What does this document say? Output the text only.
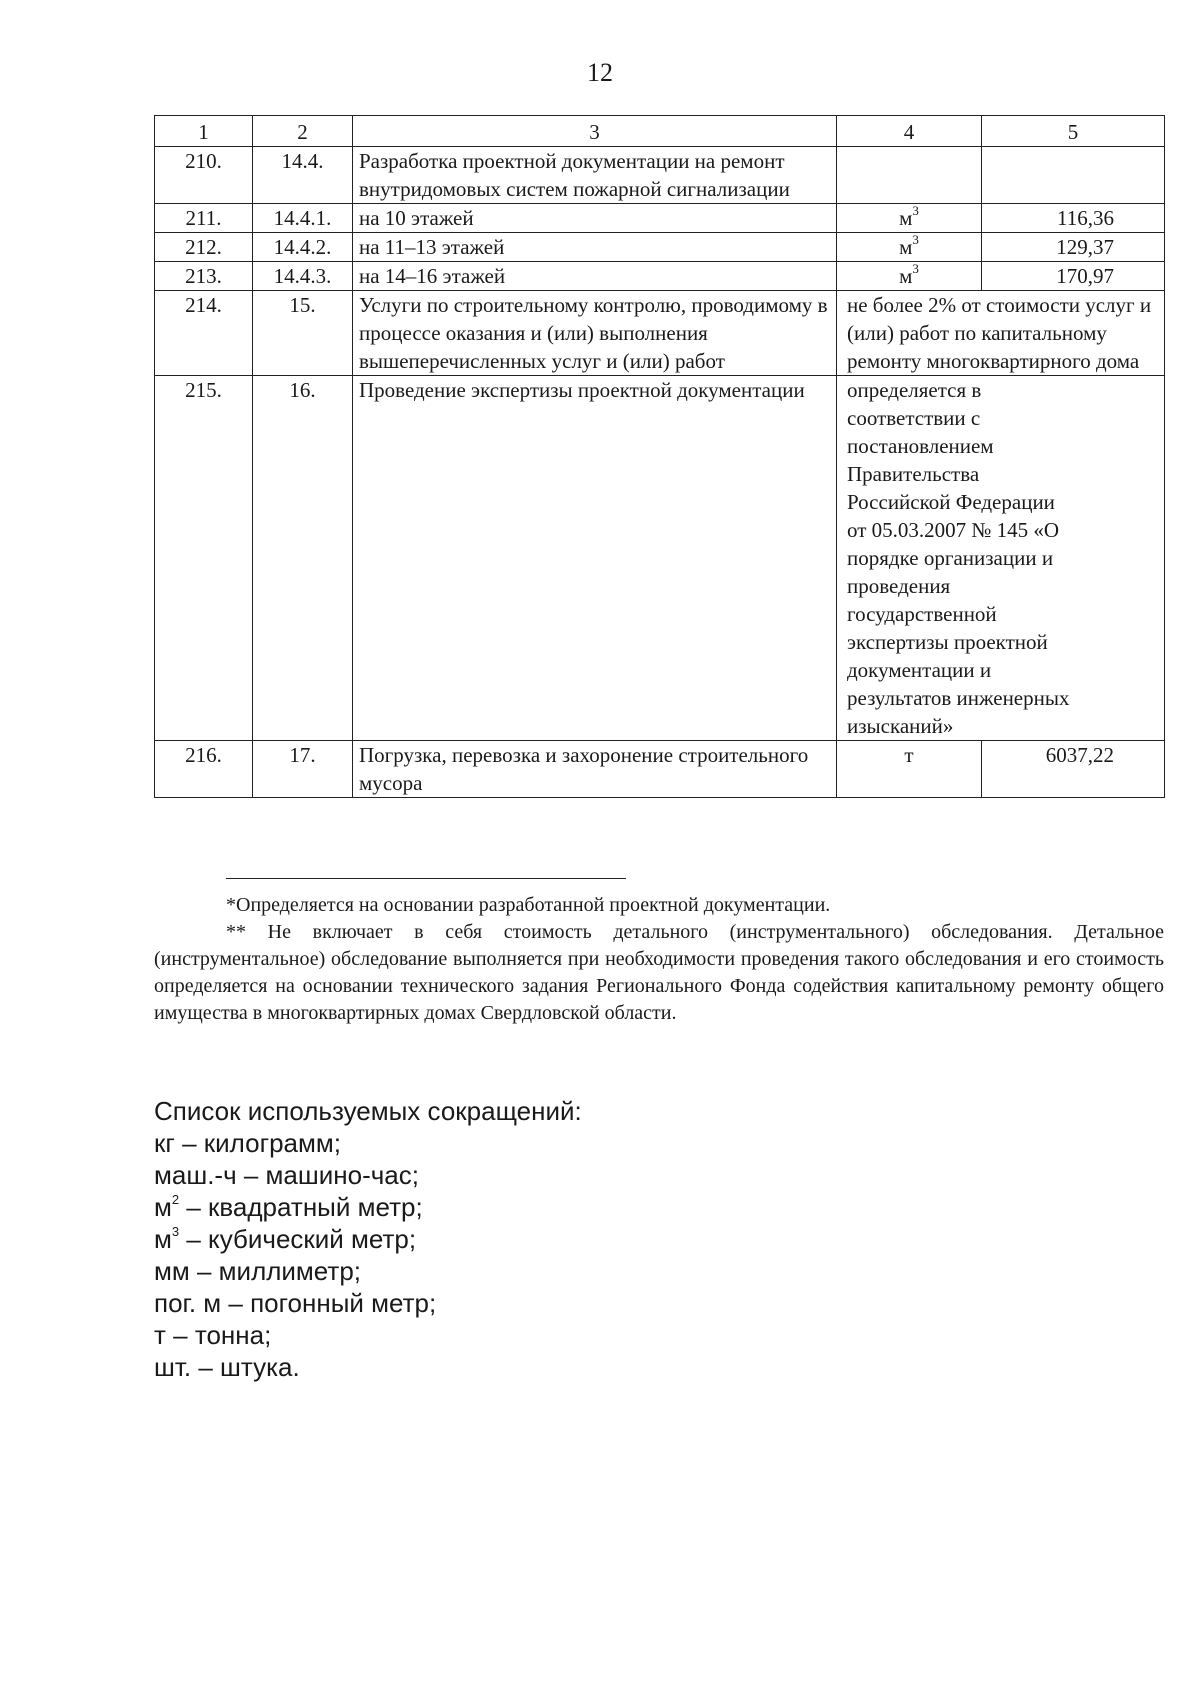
12
1	2	3	4	5
210.	14.4.	Разработка проектной документации на ремонт внутридомовых систем пожарной сигнализации		
211.	14.4.1.	на 10 этажей	$м^3$	116,36
212.	14.4.2.	на 11–13 этажей	$м^3$	129,37
213.	14.4.3.	на 14–16 этажей	$м^3$	170,97
214.	15.	Услуги по строительному контролю, проводимому в процессе оказания и (или) выполнения вышеперечисленных услуг и (или) работ	не более 2% от стоимости услуг и (или) работ по капитальному ремонту многоквартирного дома	
215.	16.	Проведение экспертизы проектной документации	определяется в соответствии с постановлением Правительства Российской Федерации от 05.03.2007 № 145 «О порядке организации и проведения государственной экспертизы проектной документации и результатов инженерных изысканий»	
216.	17.	Погрузка, перевозка и захоронение строительного мусора	т	6037,22

*Определяется на основании разработанной проектной документации.

** Не включает в себя стоимость детального (инструментального) обследования. Детальное (инструментальное) обследование выполняется при необходимости проведения такого обследования и его стоимость определяется на основании технического задания Регионального Фонда содействия капитальному ремонту общего имущества в многоквартирных домах Свердловской области.

Список используемых сокращений:
кг – килограмм;
маш.-ч – машино-час;
$м^2$ – квадратный метр;
$м^3$ – кубический метр;
мм – миллиметр;
пог. м – погонный метр;
т – тонна;
шт. – штука.
